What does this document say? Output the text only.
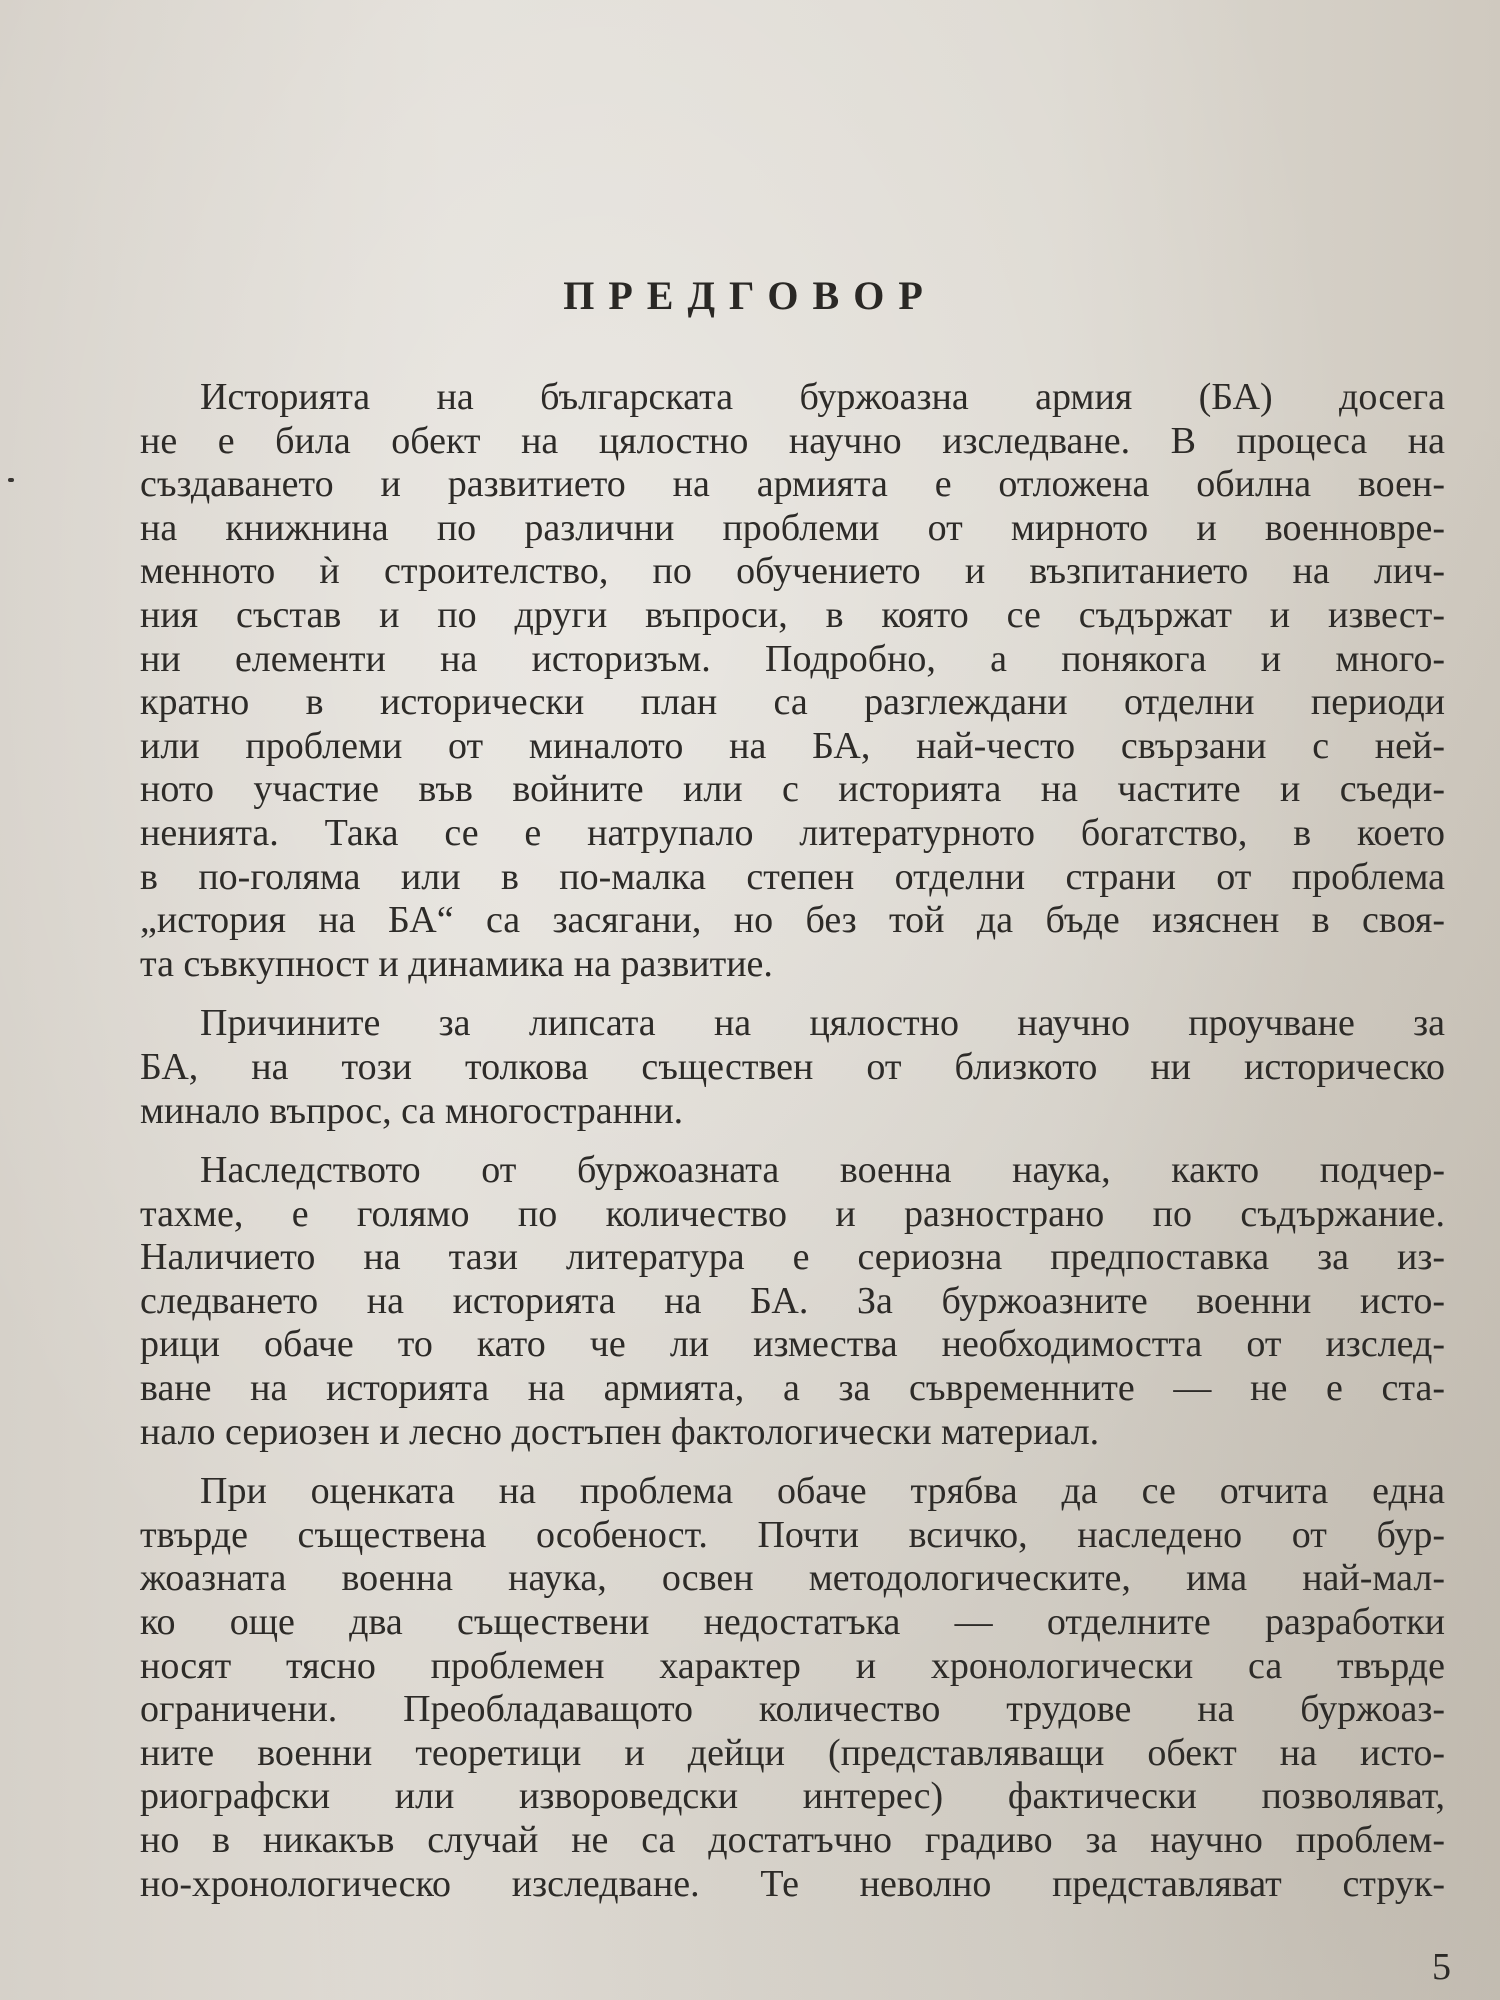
ПРЕДГОВОР
Историята на българската буржоазна армия (БА) досега
не е била обект на цялостно научно изследване. В процеса на
създаването и развитието на армията е отложена обилна воен-
на книжнина по различни проблеми от мирното и военновре-
менното ѝ строителство, по обучението и възпитанието на лич-
ния състав и по други въпроси, в която се съдържат и извест-
ни елементи на историзъм. Подробно, а понякога и много-
кратно в исторически план са разглеждани отделни периоди
или проблеми от миналото на БА, най-често свързани с ней-
ното участие във войните или с историята на частите и съеди-
ненията. Така се е натрупало литературното богатство, в което
в по-голяма или в по-малка степен отделни страни от проблема
„история на БА“ са засягани, но без той да бъде изяснен в своя-
та съвкупност и динамика на развитие.
Причините за липсата на цялостно научно проучване за
БА, на този толкова съществен от близкото ни историческо
минало въпрос, са многостранни.
Наследството от буржоазната военна наука, както подчер-
тахме, е голямо по количество и разнострано по съдържание.
Наличието на тази литература е сериозна предпоставка за из-
следването на историята на БА. За буржоазните военни исто-
рици обаче то като че ли измества необходимостта от изслед-
ване на историята на армията, а за съвременните — не е ста-
нало сериозен и лесно достъпен фактологически материал.
При оценката на проблема обаче трябва да се отчита една
твърде съществена особеност. Почти всичко, наследено от бур-
жоазната военна наука, освен методологическите, има най-мал-
ко още два съществени недостатъка — отделните разработки
носят тясно проблемен характер и хронологически са твърде
ограничени. Преобладаващото количество трудове на буржоаз-
ните военни теоретици и дейци (представляващи обект на исто-
риографски или изворoведски интерес) фактически позволяват,
но в никакъв случай не са достатъчно градиво за научно проблем-
но-хронологическо изследване. Те неволно представляват струк-
5
